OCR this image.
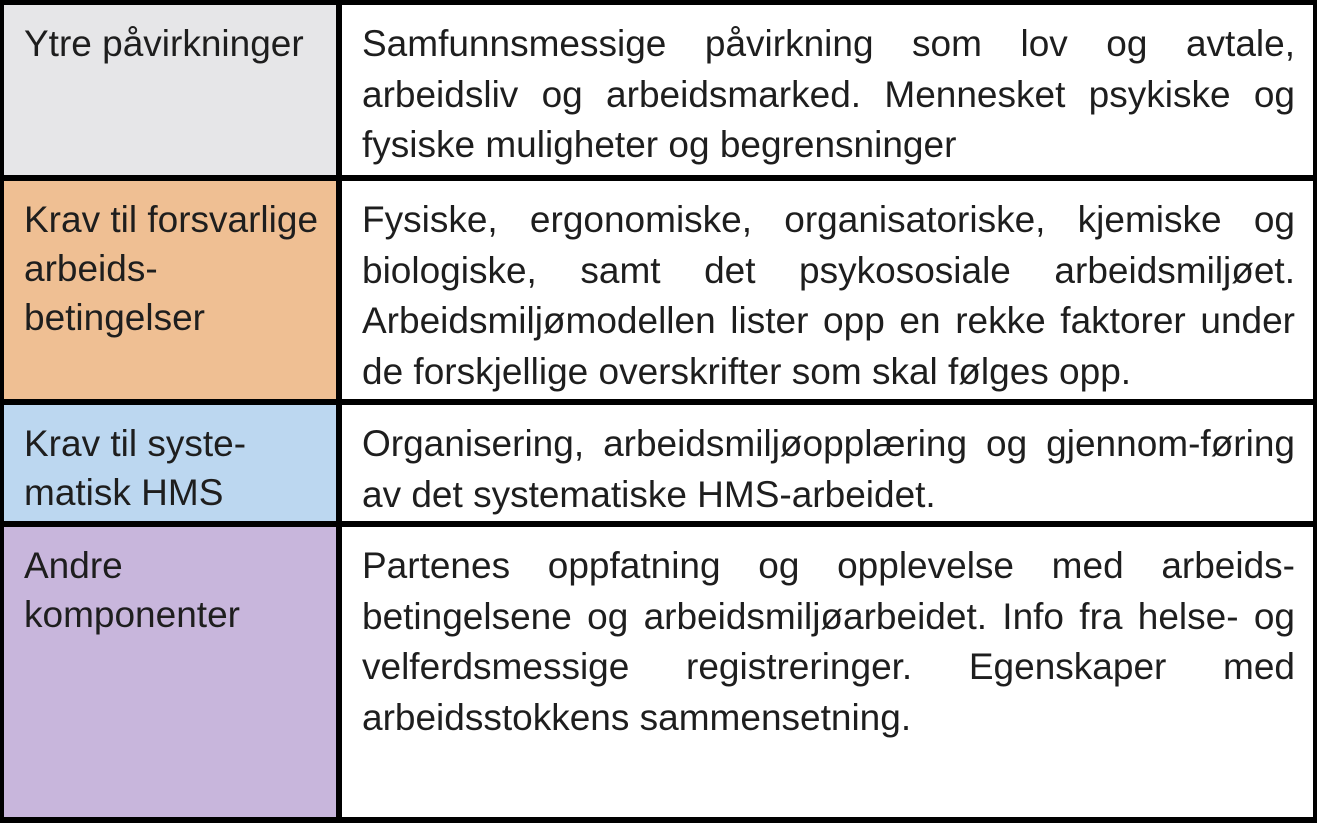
Ytre påvirkninger	Samfunnsmessige påvirkning som lov og avtale, arbeidsliv og arbeidsmarked. Mennesket psykiske og fysiske muligheter og begrensninger
Krav til forsvarlige arbeids-betingelser
Fysiske, ergonomiske, organisatoriske, kjemiske og biologiske, samt det psykososiale arbeidsmiljøet. Arbeidsmiljømodellen lister opp en rekke faktorer under de forskjellige overskrifter som skal følges opp.
Krav til syste-matisk HMS
Organisering, arbeidsmiljøopplæring og gjennom-føring av det systematiske HMS-arbeidet.
Andre komponenter
Partenes oppfatning og opplevelse med arbeids-betingelsene og arbeidsmiljøarbeidet. Info fra helse- og velferdsmessige registreringer. Egenskaper med arbeidsstokkens sammensetning.
